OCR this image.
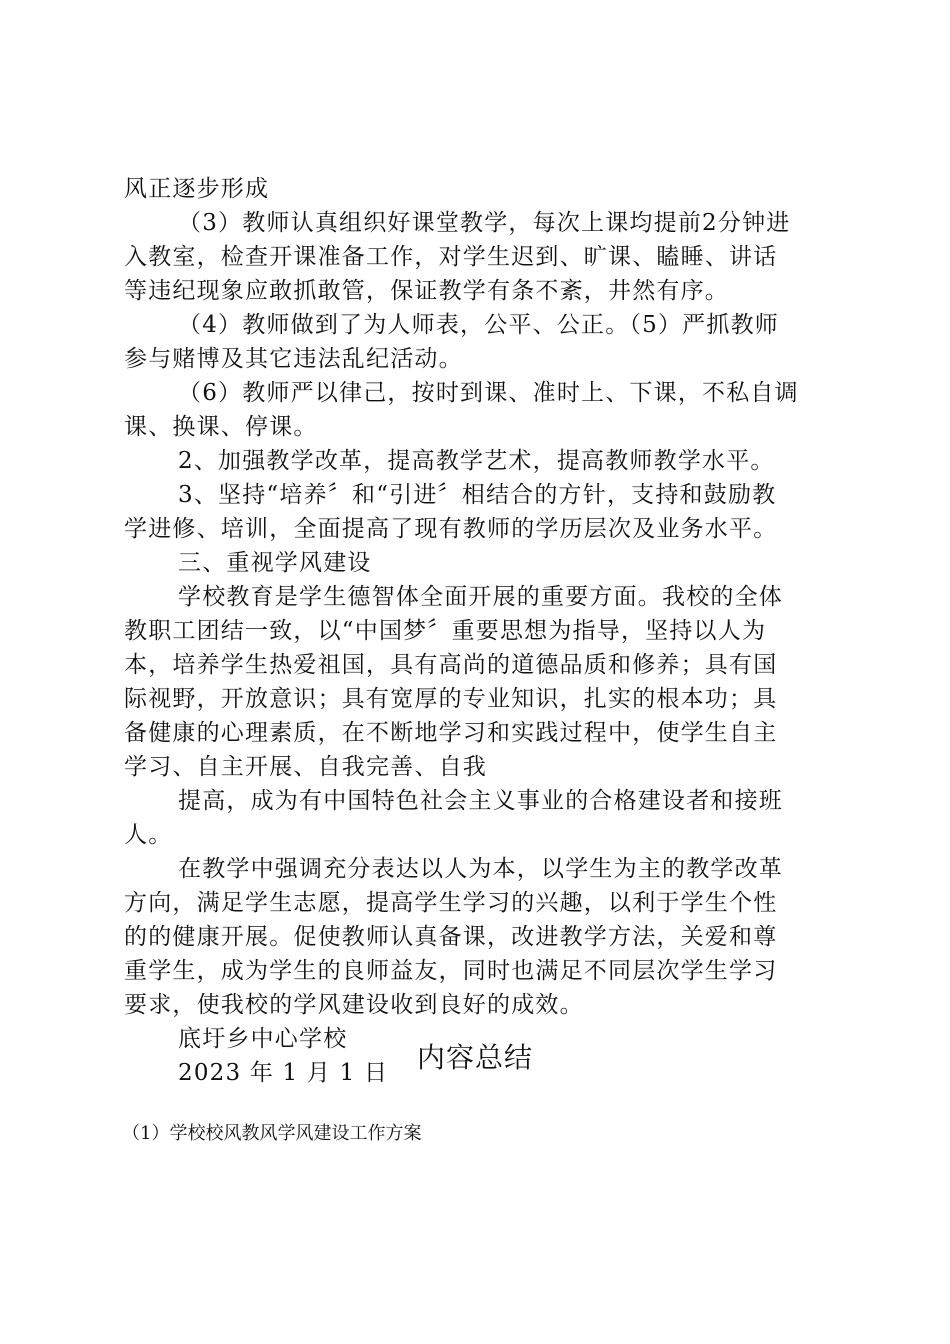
风正逐步形成
（3）教师认真组织好课堂教学，每次上课均提前2分钟进
入教室，检查开课准备工作，对学生迟到、旷课、瞌睡、讲话
等违纪现象应敢抓敢管，保证教学有条不紊，井然有序。
（4）教师做到了为人师表，公平、公正。（5）严抓教师
参与赌博及其它违法乱纪活动。
（6）教师严以律己，按时到课、准时上、下课，不私自调
课、换课、停课。
2、加强教学改革，提高教学艺术，提高教师教学水平。
3、坚持“培养〞和“引进〞相结合的方针，支持和鼓励教
学进修、培训，全面提高了现有教师的学历层次及业务水平。
三、重视学风建设
学校教育是学生德智体全面开展的重要方面。我校的全体
教职工团结一致，以“中国梦〞重要思想为指导，坚持以人为
本，培养学生热爱祖国，具有高尚的道德品质和修养；具有国
际视野，开放意识；具有宽厚的专业知识，扎实的根本功；具
备健康的心理素质，在不断地学习和实践过程中，使学生自主
学习、自主开展、自我完善、自我
提高，成为有中国特色社会主义事业的合格建设者和接班
人。
在教学中强调充分表达以人为本，以学生为主的教学改革
方向，满足学生志愿，提高学生学习的兴趣，以利于学生个性
的的健康开展。促使教师认真备课，改进教学方法，关爱和尊
重学生，成为学生的良师益友，同时也满足不同层次学生学习
要求，使我校的学风建设收到良好的成效。
底圩乡中心学校
2023 年 1 月 1 日	内容总结
（1）学校校风教风学风建设工作方案
